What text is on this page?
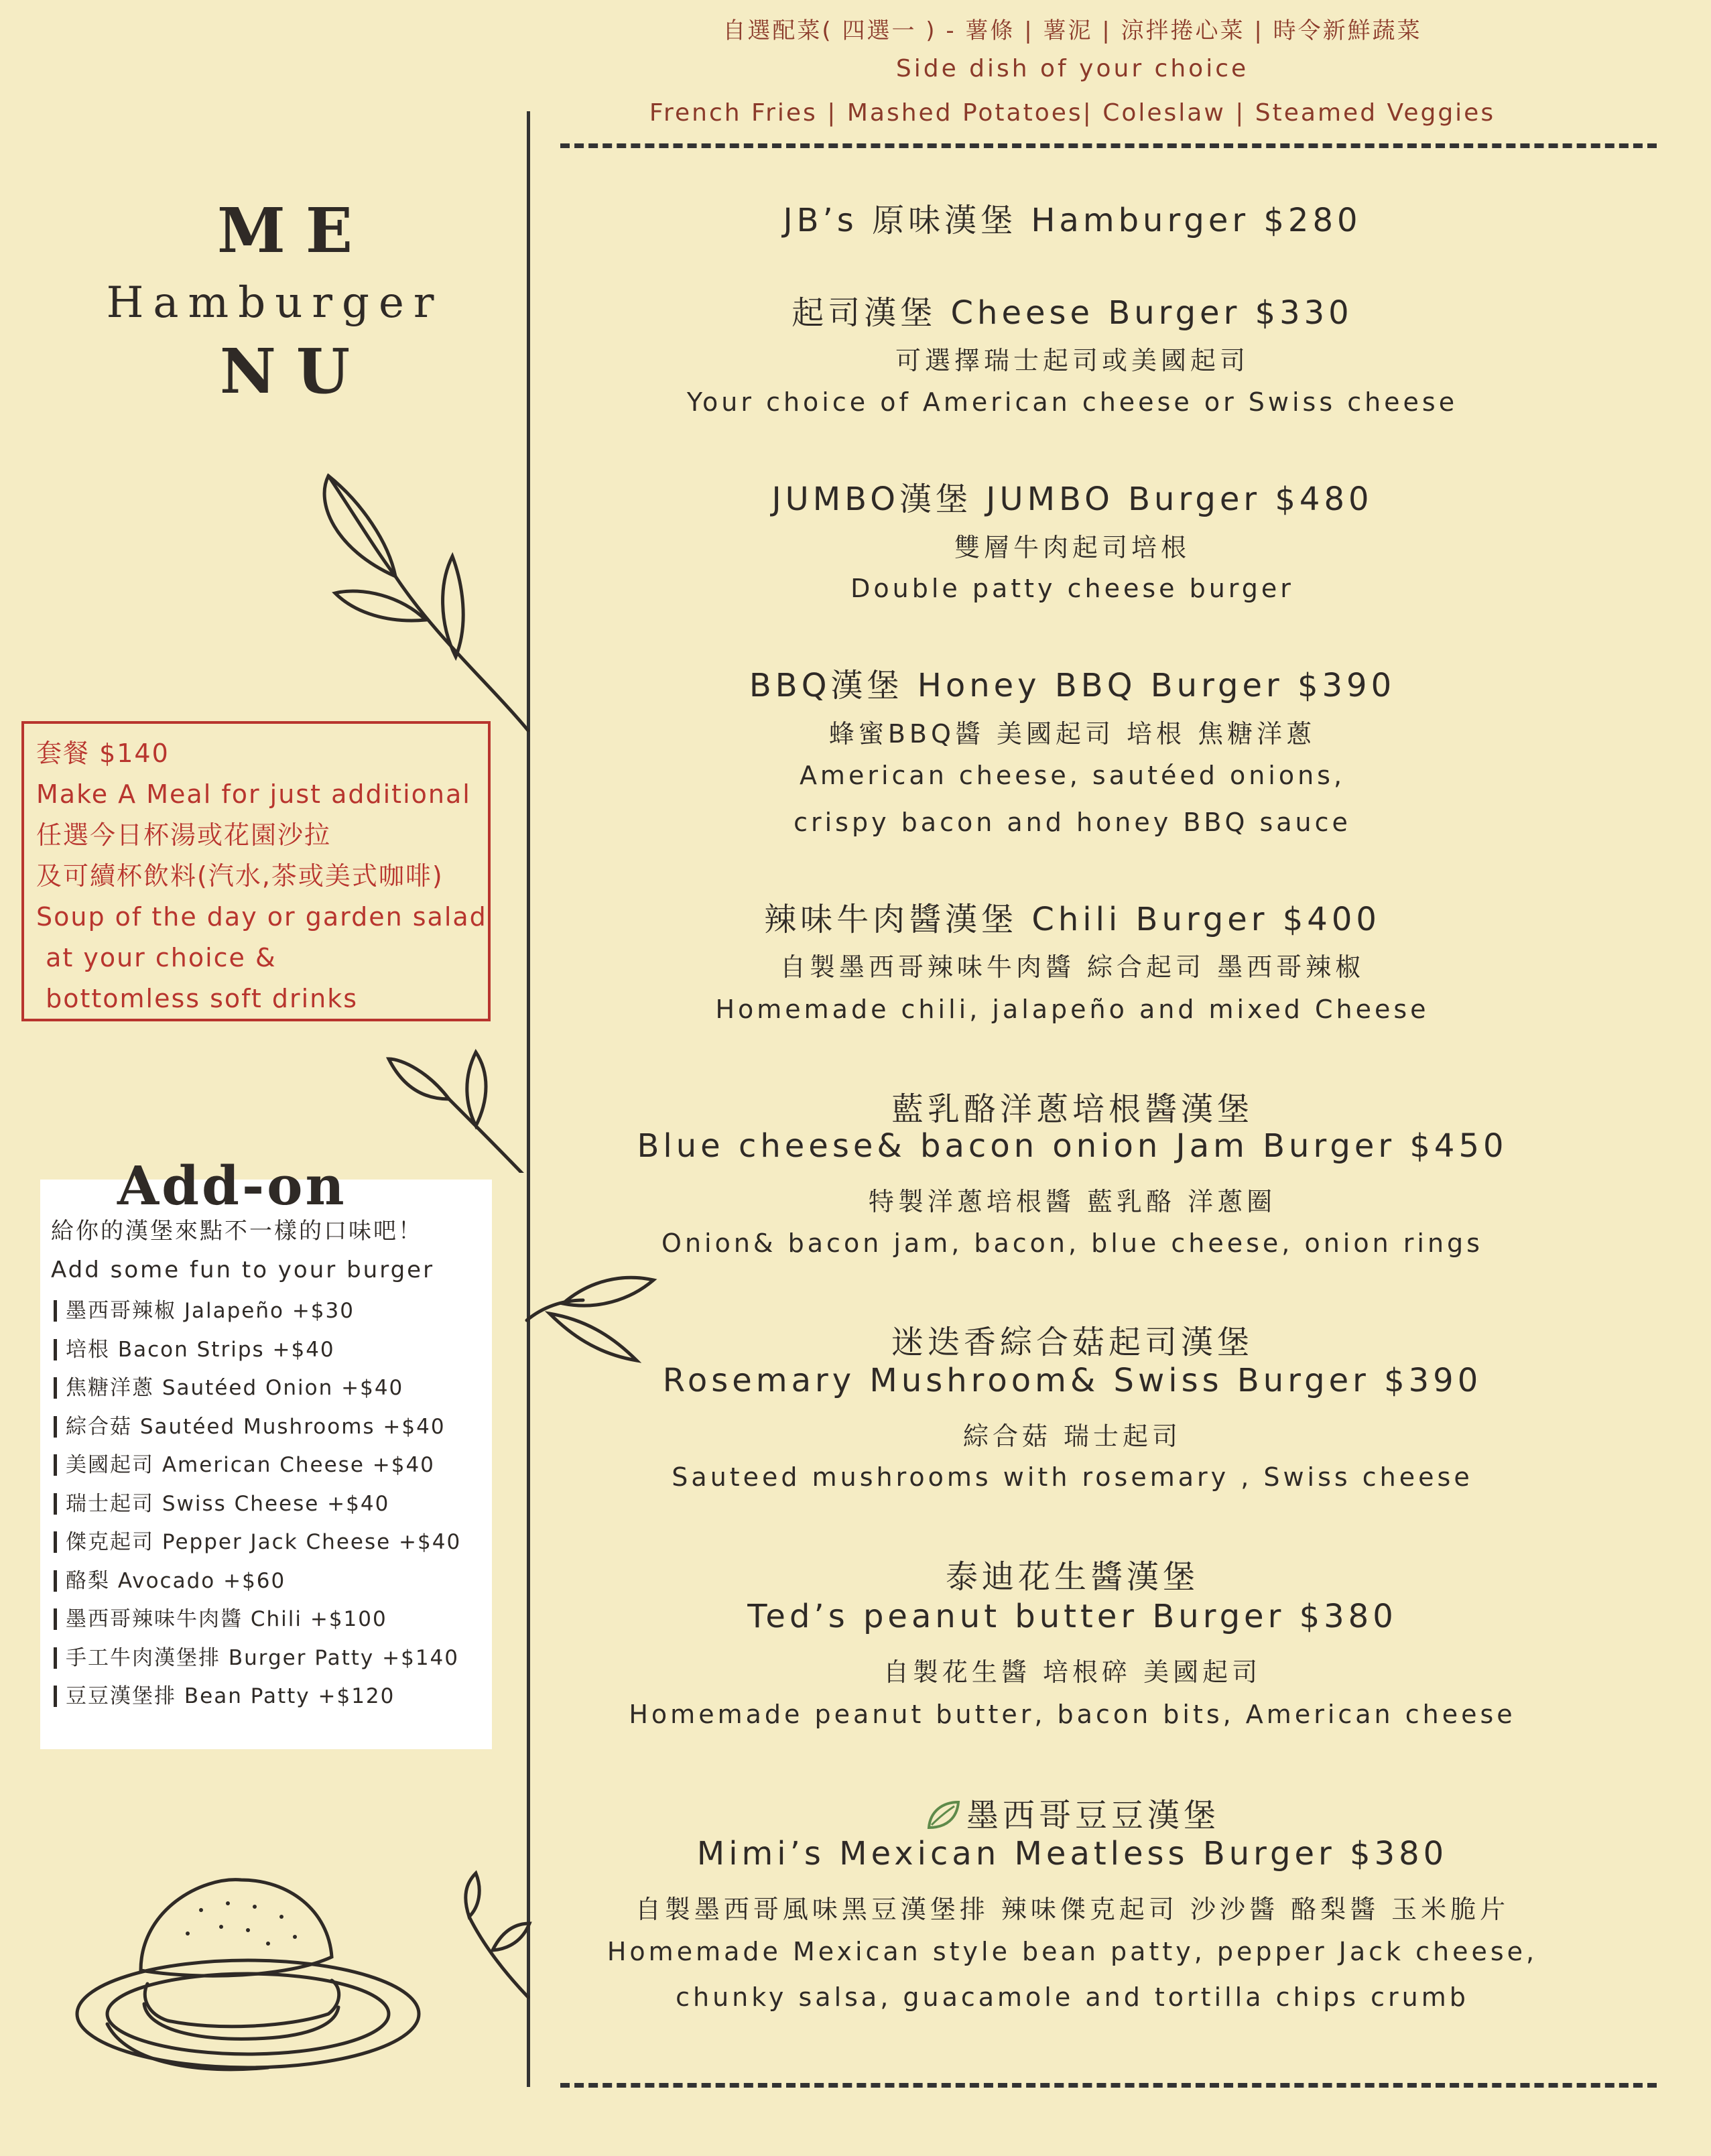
自選配菜( 四選一 ) - 薯條 | 薯泥 | 涼拌捲心菜 | 時令新鮮蔬菜
Side dish of your choice
French Fries | Mashed Potatoes| Coleslaw | Steamed Veggies
ME
Hamburger
NU
套餐 $140
Make A Meal for just additional
任選今日杯湯或花園沙拉
及可續杯飲料(汽水,茶或美式咖啡)
Soup of the day or garden salad
at your choice &
bottomless soft drinks
Add-on
給你的漢堡來點不一樣的口味吧！
Add some fun to your burger
墨西哥辣椒 Jalapeño +$30
培根 Bacon Strips +$40
焦糖洋蔥 Sautéed Onion +$40
綜合菇 Sautéed Mushrooms +$40
美國起司 American Cheese +$40
瑞士起司 Swiss Cheese +$40
傑克起司 Pepper Jack Cheese +$40
酪梨 Avocado +$60
墨西哥辣味牛肉醬 Chili +$100
手工牛肉漢堡排 Burger Patty +$140
豆豆漢堡排 Bean Patty +$120
JB’s 原味漢堡 Hamburger $280
起司漢堡 Cheese Burger $330
可選擇瑞士起司或美國起司
Your choice of American cheese or Swiss cheese
JUMBO漢堡 JUMBO Burger $480
雙層牛肉起司培根
Double patty cheese burger
BBQ漢堡 Honey BBQ Burger $390
蜂蜜BBQ醬 美國起司 培根 焦糖洋蔥
American cheese, sautéed onions,
crispy bacon and honey BBQ sauce
辣味牛肉醬漢堡 Chili Burger $400
自製墨西哥辣味牛肉醬 綜合起司 墨西哥辣椒
Homemade chili, jalapeño and mixed Cheese
藍乳酪洋蔥培根醬漢堡
Blue cheese& bacon onion Jam Burger $450
特製洋蔥培根醬 藍乳酪 洋蔥圈
Onion& bacon jam, bacon, blue cheese, onion rings
迷迭香綜合菇起司漢堡
Rosemary Mushroom& Swiss Burger $390
綜合菇 瑞士起司
Sauteed mushrooms with rosemary , Swiss cheese
泰迪花生醬漢堡
Ted’s peanut butter Burger $380
自製花生醬 培根碎 美國起司
Homemade peanut butter, bacon bits, American cheese
墨西哥豆豆漢堡
Mimi’s Mexican Meatless Burger $380
自製墨西哥風味黑豆漢堡排 辣味傑克起司 沙沙醬 酪梨醬 玉米脆片
Homemade Mexican style bean patty, pepper Jack cheese,
chunky salsa, guacamole and tortilla chips crumb
